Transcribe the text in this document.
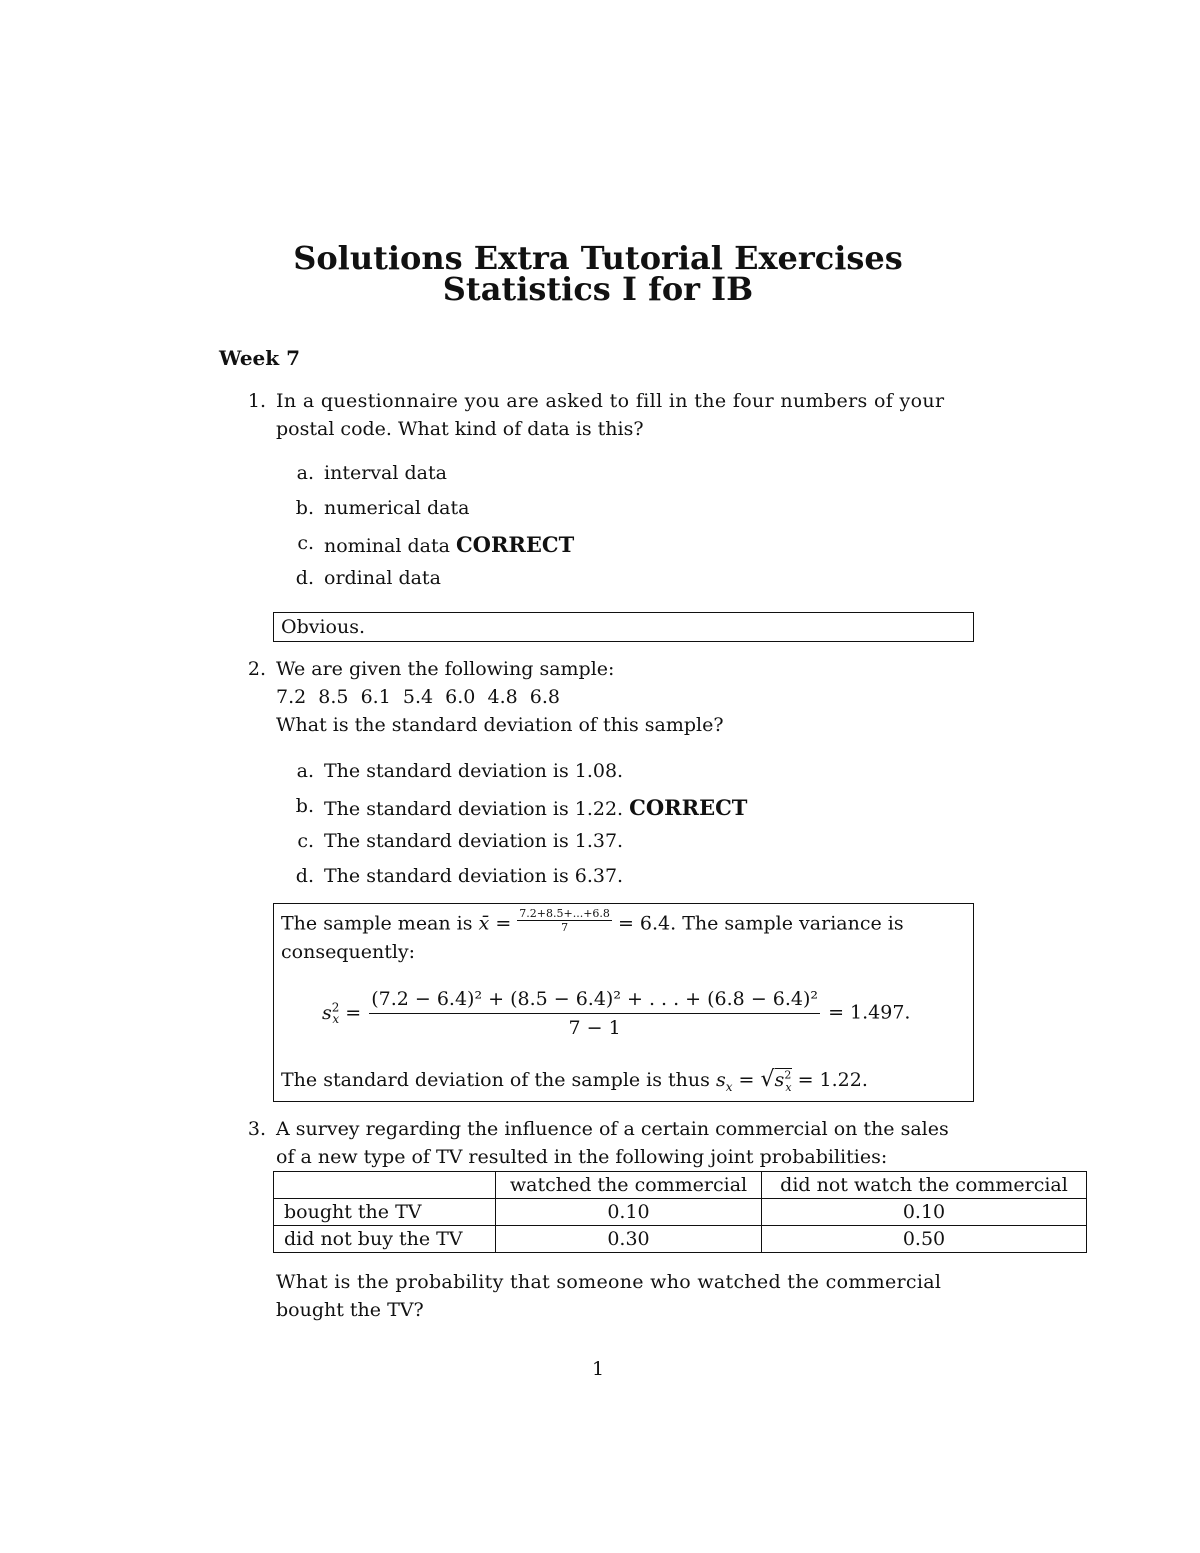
Solutions Extra Tutorial Exercises
Statistics I for IB
Week 7
1. In a questionnaire you are asked to fill in the four numbers of your
postal code. What kind of data is this?
a. interval data
b. numerical data
c. nominal data CORRECT
d. ordinal data
Obvious.
2. We are given the following sample:
7.2  8.5  6.1  5.4  6.0  4.8  6.8
What is the standard deviation of this sample?
a. The standard deviation is 1.08.
b. The standard deviation is 1.22. CORRECT
c. The standard deviation is 1.37.
d. The standard deviation is 6.37.
The sample mean is x̄ = $\frac{7.2+8.5+...+6.8}{7} = 6.4$. The sample variance is
consequently:
$s^2_x = \frac{\text{(7.2 − 6.4)² + (8.5 − 6.4)² + . . . + (6.8 − 6.4)²}}{7 - 1} = 1.497$.
The standard deviation of the sample is thus $s_x = √s^2_x = 1.22$.
3. A survey regarding the influence of a certain commercial on the sales
of a new type of TV resulted in the following joint probabilities:
	watched the commercial	did not watch the commercial
bought the TV	0.10	0.10
did not buy the TV	0.30	0.50
What is the probability that someone who watched the commercial
bought the TV?
1
